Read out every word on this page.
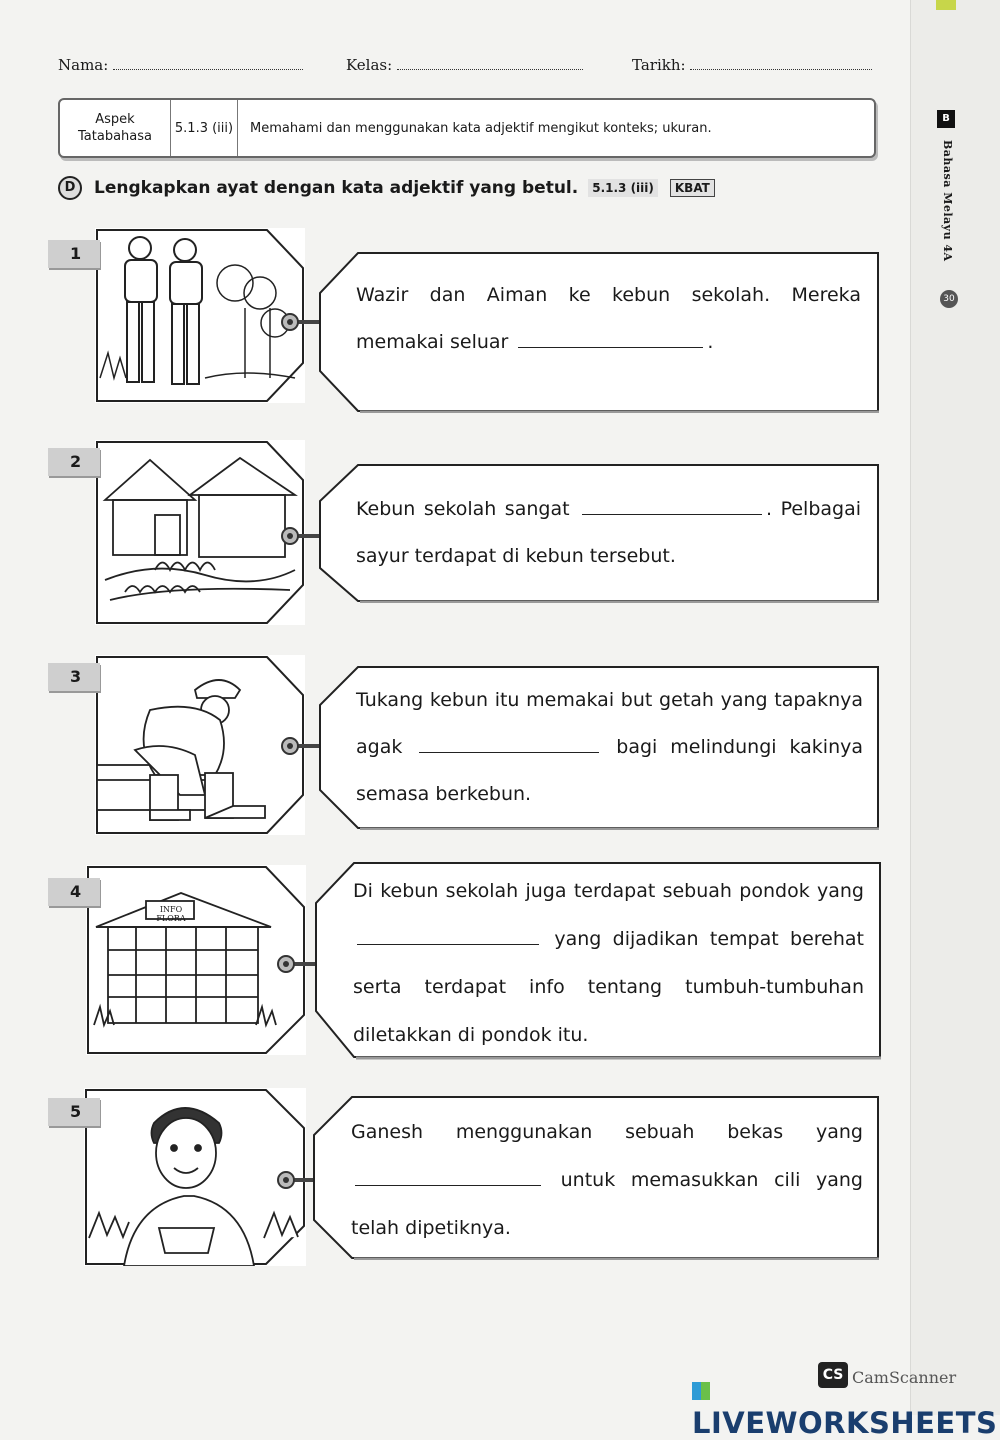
B
Bahasa Melayu 4A
30
Nama:	Kelas:	Tarikh:
Aspek Tatabahasa
5.1.3 (iii)	Memahami dan menggunakan kata adjektif mengikut konteks; ukuran.
D	Lengkapkan ayat dengan kata adjektif yang betul.	5.1.3 (iii)	KBAT
Wazir dan Aiman ke kebun sekolah. Mereka memakai seluar	.
1
Kebun sekolah sangat	. Pelbagai sayur terdapat di kebun tersebut.
2
Tukang kebun itu memakai but getah yang tapaknya agak	bagi melindungi kakinya semasa berkebun.
3
INFO FLORA
Di kebun sekolah juga terdapat sebuah pondok yang  yang dijadikan tempat berehat serta terdapat info tentang tumbuh-tumbuhan diletakkan di pondok itu.
4
Ganesh menggunakan sebuah bekas yang  untuk memasukkan cili yang telah dipetiknya.
5
LIVEWORKSHEETS
CS CamScanner
